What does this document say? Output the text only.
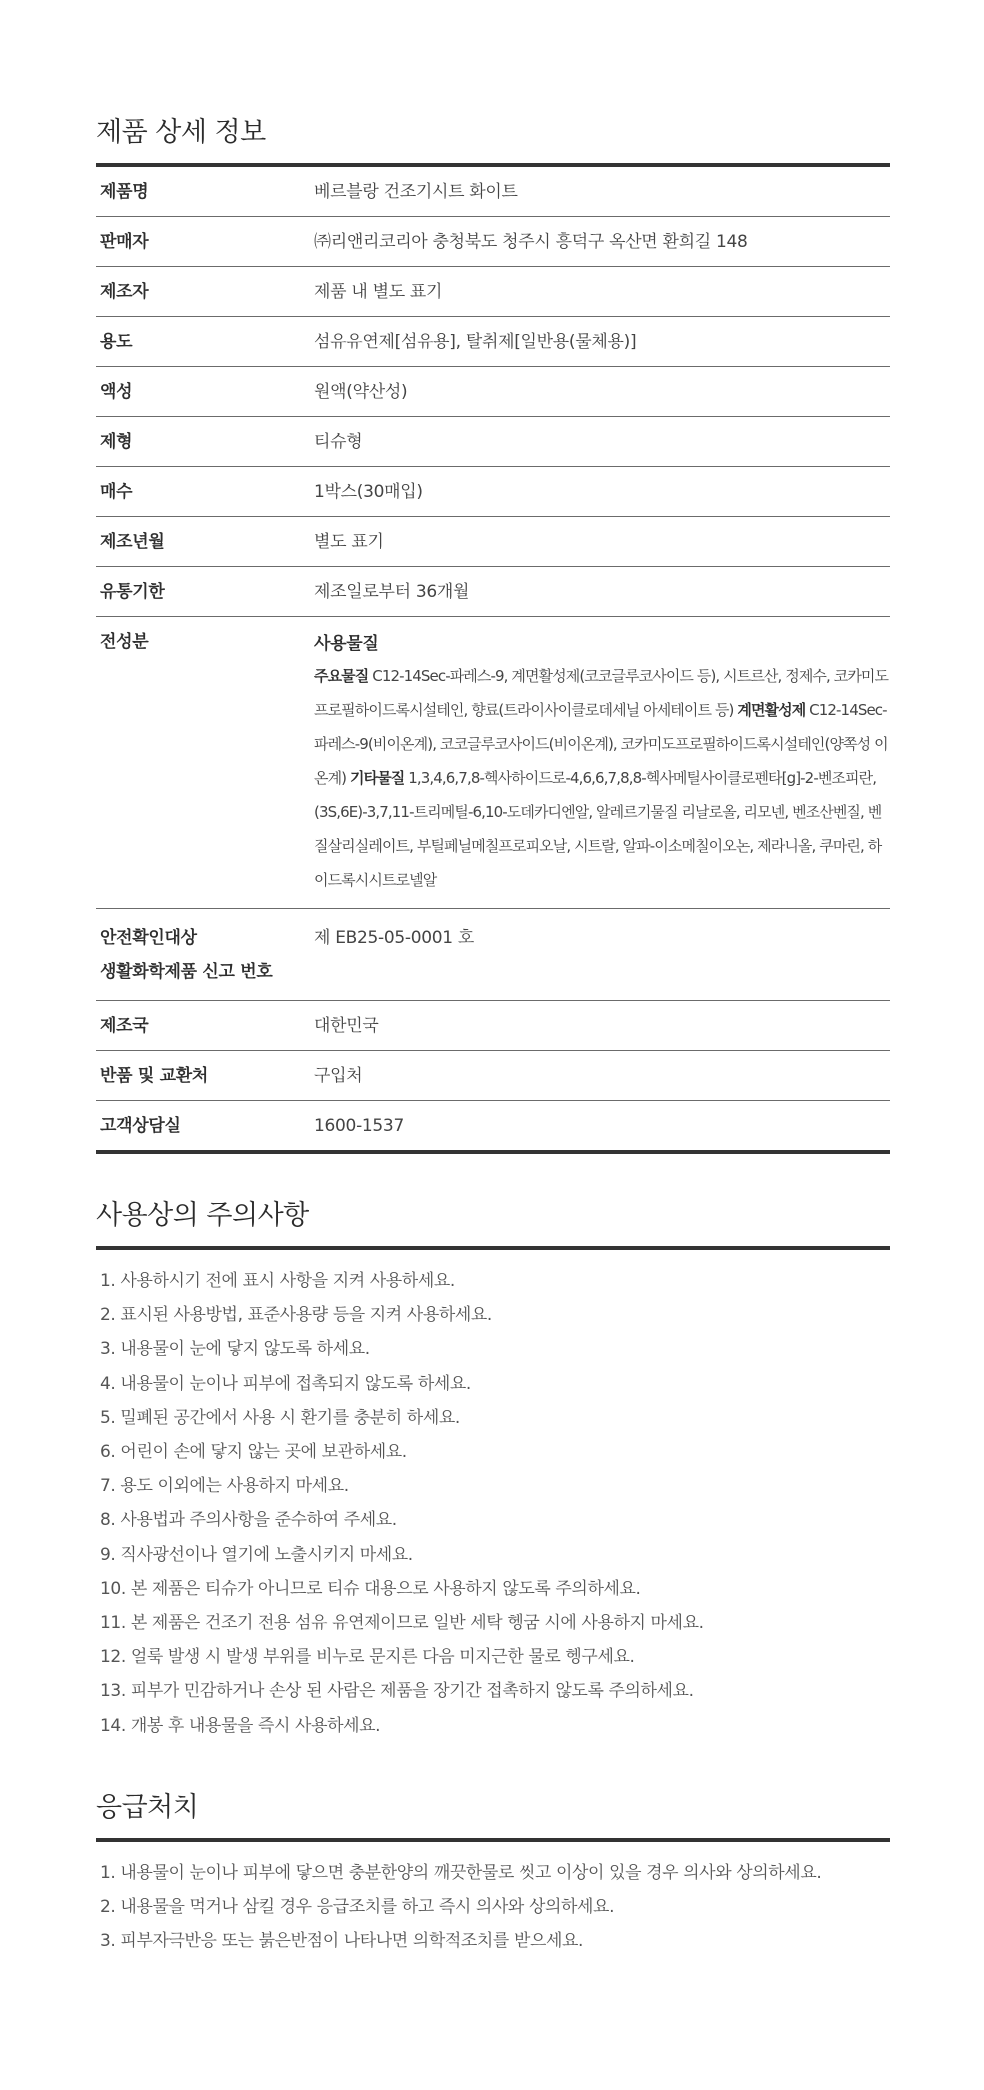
제품 상세 정보
제품명	베르블랑 건조기시트 화이트
판매자	㈜리앤리코리아 충청북도 청주시 흥덕구 옥산면 환희길 148
제조자	제품 내 별도 표기
용도	섬유유연제[섬유용], 탈취제[일반용(물체용)]
액성	원액(약산성)
제형	티슈형
매수	1박스(30매입)
제조년월	별도 표기
유통기한	제조일로부터 36개월
전성분	사용물질
주요물질 C12-14Sec-파레스-9, 계면활성제(코코글루코사이드 등), 시트르산, 정제수, 코카미도프로필하이드록시설테인, 향료(트라이사이클로데세닐 아세테이트 등) 계면활성제 C12-14Sec-파레스-9(비이온계), 코코글루코사이드(비이온계), 코카미도프로필하이드록시설테인(양쪽성 이온계) 기타물질 1,3,4,6,7,8-헥사하이드로-4,6,6,7,8,8-헥사메틸사이클로펜타[g]-2-벤조피란, (3S,6E)-3,7,11-트리메틸-6,10-도데카디엔알, 알레르기물질 리날로올, 리모넨, 벤조산벤질, 벤질살리실레이트, 부틸페닐메칠프로피오날, 시트랄, 알파-이소메칠이오논, 제라니올, 쿠마린, 하이드록시시트로넬알

안전확인대상
생활화학제품 신고 번호	제 EB25-05-0001 호
제조국	대한민국
반품 및 교환처	구입처
고객상담실	1600-1537
사용상의 주의사항
1. 사용하시기 전에 표시 사항을 지켜 사용하세요.
2. 표시된 사용방법, 표준사용량 등을 지켜 사용하세요.
3. 내용물이 눈에 닿지 않도록 하세요.
4. 내용물이 눈이나 피부에 접촉되지 않도록 하세요.
5. 밀폐된 공간에서 사용 시 환기를 충분히 하세요.
6. 어린이 손에 닿지 않는 곳에 보관하세요.
7. 용도 이외에는 사용하지 마세요.
8. 사용법과 주의사항을 준수하여 주세요.
9. 직사광선이나 열기에 노출시키지 마세요.
10. 본 제품은 티슈가 아니므로 티슈 대용으로 사용하지 않도록 주의하세요.
11. 본 제품은 건조기 전용 섬유 유연제이므로 일반 세탁 헹굼 시에 사용하지 마세요.
12. 얼룩 발생 시 발생 부위를 비누로 문지른 다음 미지근한 물로 헹구세요.
13. 피부가 민감하거나 손상 된 사람은 제품을 장기간 접촉하지 않도록 주의하세요.
14. 개봉 후 내용물을 즉시 사용하세요.
응급처치
1. 내용물이 눈이나 피부에 닿으면 충분한양의 깨끗한물로 씻고 이상이 있을 경우 의사와 상의하세요.
2. 내용물을 먹거나 삼킬 경우 응급조치를 하고 즉시 의사와 상의하세요.
3. 피부자극반응 또는 붉은반점이 나타나면 의학적조치를 받으세요.
